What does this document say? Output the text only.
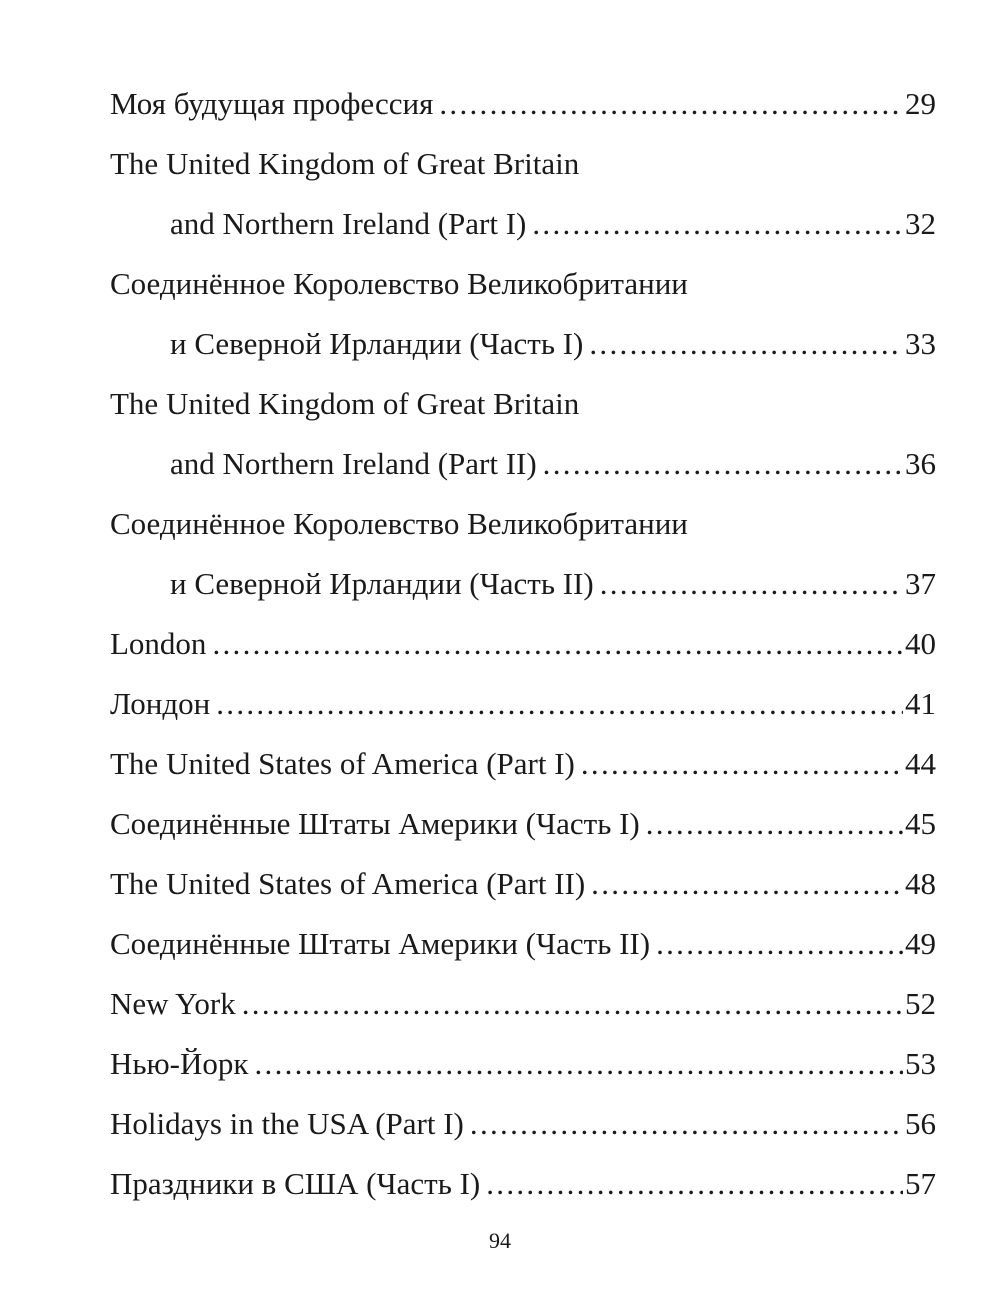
Моя будущая профессия .....	29
The United Kingdom of Great Britain
and Northern Ireland (Part I) .....	32
Соединённое Королевство Великобритании
и Северной Ирландии (Часть I) .....	33
The United Kingdom of Great Britain
and Northern Ireland (Part II) .....	36
Соединённое Королевство Великобритании
и Северной Ирландии (Часть II) .....	37
London .....	40
Лондон .....	41
The United States of America (Part I) .....	44
Соединённые Штаты Америки (Часть I) .....	45
The United States of America (Part II) .....	48
Соединённые Штаты Америки (Часть II) .....	49
New York .....	52
Нью-Йорк .....	53
Holidays in the USA (Part I) .....	56
Праздники в США (Часть I) .....	57
94
